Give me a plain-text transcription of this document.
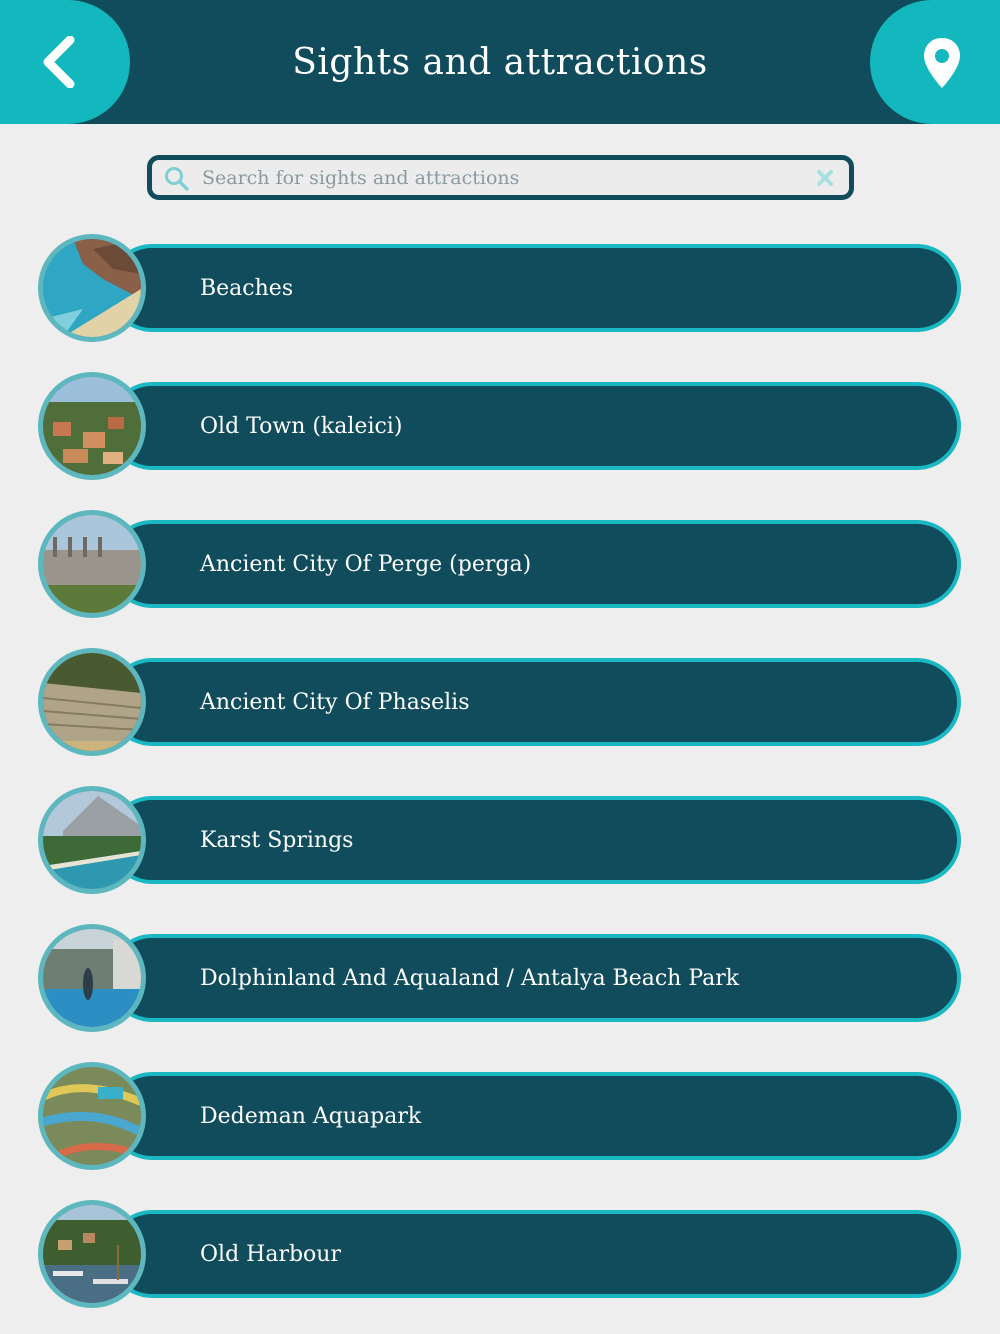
Sights and attractions
Search for sights and attractions
Beaches
Old Town (kaleici)
Ancient City Of Perge (perga)
Ancient City Of Phaselis
Karst Springs
Dolphinland And Aqualand / Antalya Beach Park
Dedeman Aquapark
Old Harbour
